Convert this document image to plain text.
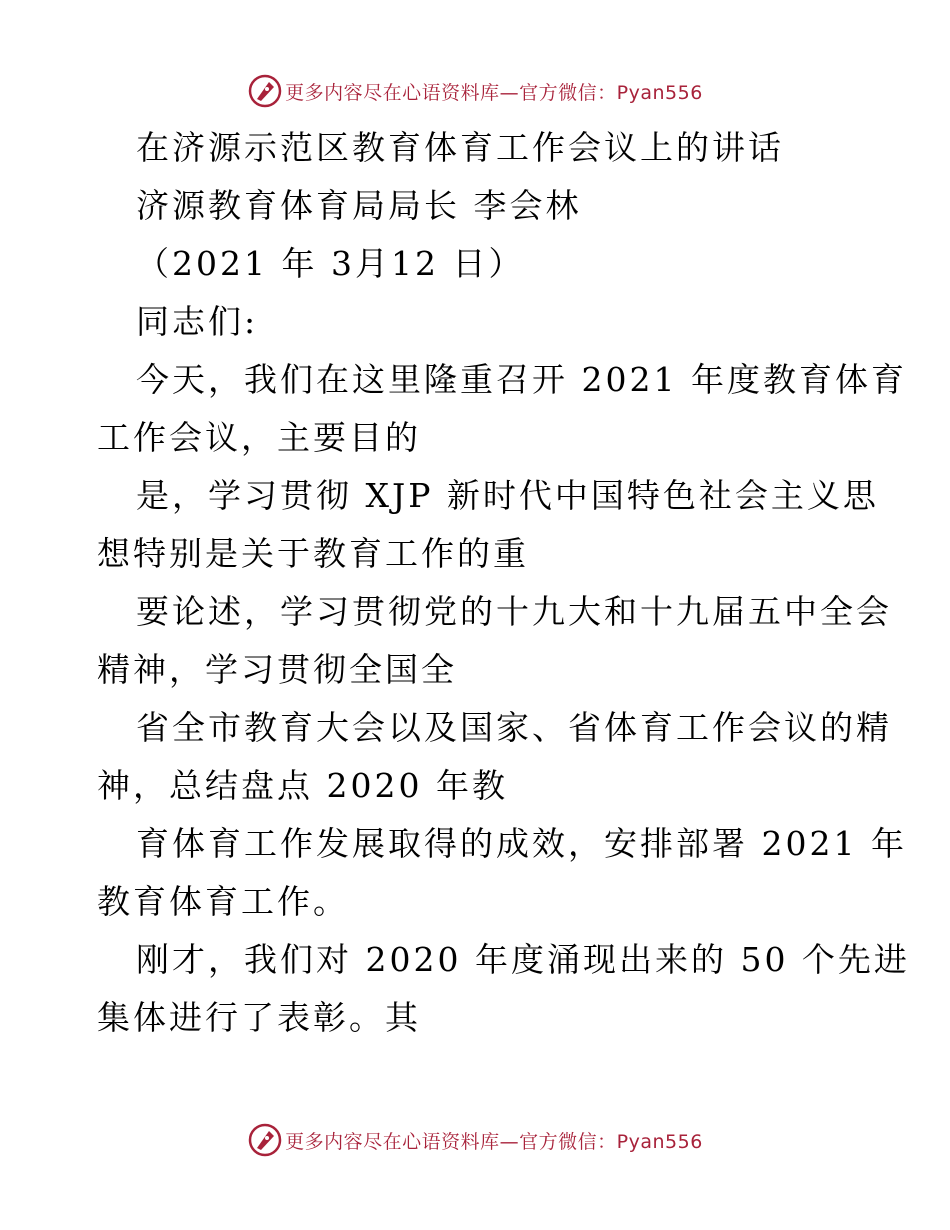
更多内容尽在心语资料库—官方微信：Pyan556
在济源示范区教育体育工作会议上的讲话
济源教育体育局局长 李会林
（2021 年 3月12 日）
同志们:
今天，我们在这里隆重召开 2021 年度教育体育
工作会议，主要目的
是，学习贯彻 XJP 新时代中国特色社会主义思
想特别是关于教育工作的重
要论述，学习贯彻党的十九大和十九届五中全会
精神，学习贯彻全国全
省全市教育大会以及国家、省体育工作会议的精
神，总结盘点 2020 年教
育体育工作发展取得的成效，安排部署 2021 年
教育体育工作。
刚才，我们对 2020 年度涌现出来的 50 个先进
集体进行了表彰。其
更多内容尽在心语资料库—官方微信：Pyan556
